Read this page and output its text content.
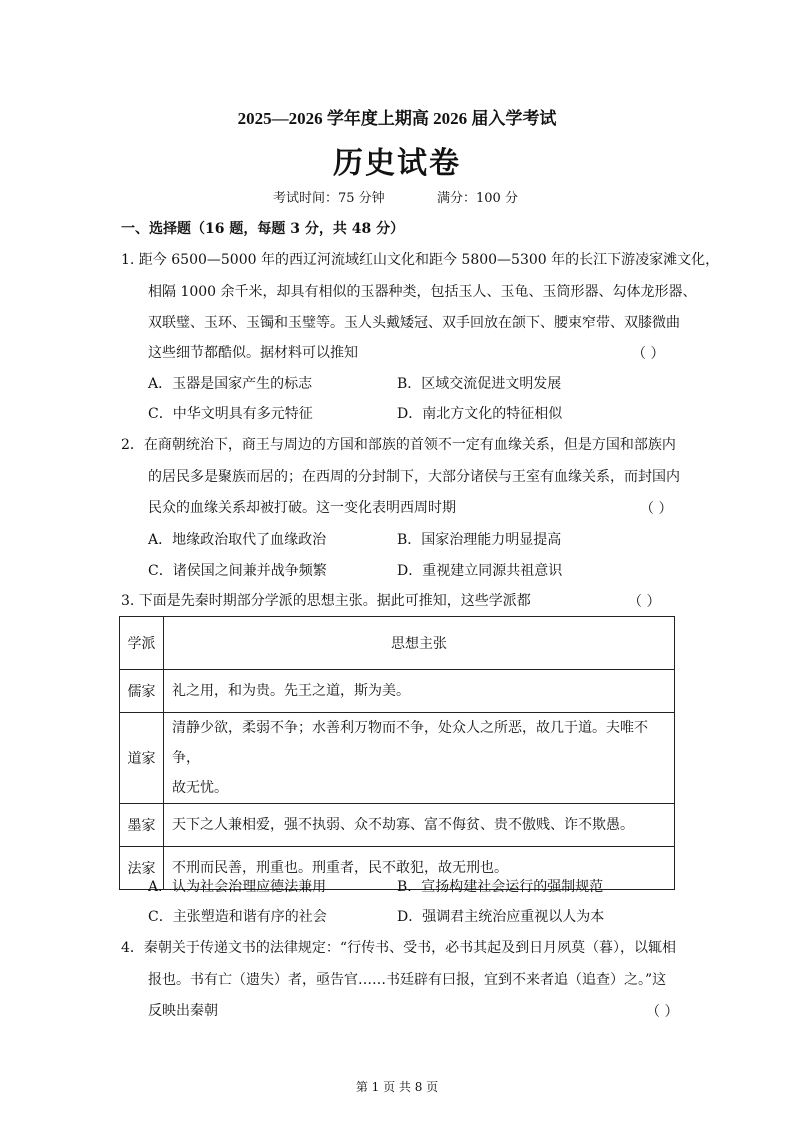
2025—2026 学年度上期高 2026 届入学考试
历史试卷
考试时间：75 分钟	满分：100 分
一、选择题（16 题，每题 3 分，共 48 分）
1. 距今 6500—5000 年的西辽河流域红山文化和距今 5800—5300 年的长江下游凌家滩文化，
相隔 1000 余千米，却具有相似的玉器种类，包括玉人、玉龟、玉筒形器、勾体龙形器、
双联璧、玉环、玉镯和玉璧等。玉人头戴矮冠、双手回放在颌下、腰束窄带、双膝微曲
这些细节都酷似。据材料可以推知	（ ）
A．玉器是国家产生的标志	B．区域交流促进文明发展
C．中华文明具有多元特征	D．南北方文化的特征相似
2．在商朝统治下，商王与周边的方国和部族的首领不一定有血缘关系，但是方国和部族内
的居民多是聚族而居的；在西周的分封制下，大部分诸侯与王室有血缘关系，而封国内
民众的血缘关系却被打破。这一变化表明西周时期	（ ）
A．地缘政治取代了血缘政治	B．国家治理能力明显提高
C．诸侯国之间兼并战争频繁	D．重视建立同源共祖意识
3. 下面是先秦时期部分学派的思想主张。据此可推知，这些学派都	（ ）
学派	思想主张
儒家	礼之用，和为贵。先王之道，斯为美。
道家	清静少欲，柔弱不争；水善利万物而不争，处众人之所恶，故几于道。夫唯不争，
故无忧。

墨家	天下之人兼相爱，强不执弱、众不劫寡、富不侮贫、贵不傲贱、诈不欺愚。
法家	不刑而民善，刑重也。刑重者，民不敢犯，故无刑也。
A．认为社会治理应德法兼用	B．宣扬构建社会运行的强制规范
C．主张塑造和谐有序的社会	D．强调君主统治应重视以人为本
4．秦朝关于传递文书的法律规定：“行传书、受书，必书其起及到日月夙莫（暮），以辄相
报也。书有亡（遗失）者，亟告官……书廷辟有曰报，宜到不来者追（追查）之。”这
反映出秦朝	（ ）
第 1 页 共 8 页
